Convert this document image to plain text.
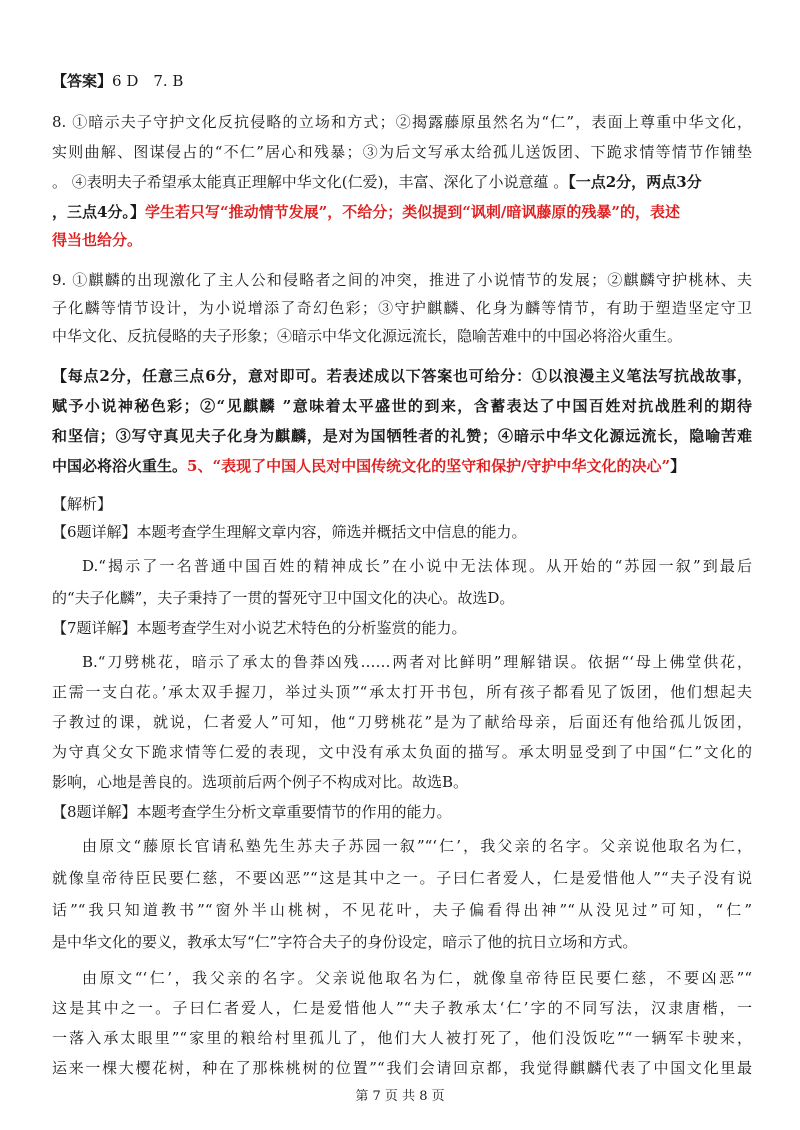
【答案】6 D　7. B
8. ①暗示夫子守护文化反抗侵略的立场和方式；②揭露藤原虽然名为“仁”，表面上尊重中华文化，
实则曲解、图谋侵占的“不仁”居心和残暴；③为后文写承太给孤儿送饭团、下跪求情等情节作铺垫
。 ④表明夫子希望承太能真正理解中华文化(仁爱)，丰富、深化了小说意蕴 。【一点2分，两点3分
，三点4分。】学生若只写“推动情节发展”，不给分；类似提到“讽刺/暗讽藤原的残暴”的，表述
得当也给分。
9. ①麒麟的出现激化了主人公和侵略者之间的冲突，推进了小说情节的发展；②麒麟守护桃林、夫
子化麟等情节设计，为小说增添了奇幻色彩；③守护麒麟、化身为麟等情节，有助于塑造坚定守卫
中华文化、反抗侵略的夫子形象；④暗示中华文化源远流长，隐喻苦难中的中国必将浴火重生。
【每点2分，任意三点6分，意对即可。若表述成以下答案也可给分：①以浪漫主义笔法写抗战故事，
赋予小说神秘色彩；②“见麒麟 ”意味着太平盛世的到来，含蓄表达了中国百姓对抗战胜利的期待
和坚信；③写守真见夫子化身为麒麟，是对为国牺牲者的礼赞；④暗示中华文化源远流长，隐喻苦难
中国必将浴火重生。5、“表现了中国人民对中国传统文化的坚守和保护/守护中华文化的决心”】
【解析】
【6题详解】本题考查学生理解文章内容，筛选并概括文中信息的能力。
D.“揭示了一名普通中国百姓的精神成长”在小说中无法体现。从开始的“苏园一叙”到最后
的“夫子化麟”，夫子秉持了一贯的誓死守卫中国文化的决心。故选D。
【7题详解】本题考查学生对小说艺术特色的分析鉴赏的能力。
B.“刀劈桃花，暗示了承太的鲁莽凶残……两者对比鲜明”理解错误。依据“‘母上佛堂供花，
正需一支白花。’承太双手握刀，举过头顶”“承太打开书包，所有孩子都看见了饭团，他们想起夫
子教过的课，就说，仁者爱人”可知，他“刀劈桃花”是为了献给母亲，后面还有他给孤儿饭团，
为守真父女下跪求情等仁爱的表现，文中没有承太负面的描写。承太明显受到了中国“仁”文化的
影响，心地是善良的。选项前后两个例子不构成对比。故选B。
【8题详解】本题考查学生分析文章重要情节的作用的能力。
由原文“藤原长官请私塾先生苏夫子苏园一叙”“‘仁’，我父亲的名字。父亲说他取名为仁，
就像皇帝待臣民要仁慈，不要凶恶”“这是其中之一。子曰仁者爱人，仁是爱惜他人”“夫子没有说
话”“我只知道教书”“窗外半山桃树，不见花叶，夫子偏看得出神”“从没见过”可知，“仁”
是中华文化的要义，教承太写“仁”字符合夫子的身份设定，暗示了他的抗日立场和方式。
由原文“‘仁’，我父亲的名字。父亲说他取名为仁，就像皇帝待臣民要仁慈，不要凶恶”“
这是其中之一。子曰仁者爱人，仁是爱惜他人”“夫子教承太‘仁’字的不同写法，汉隶唐楷，一
一落入承太眼里”“家里的粮给村里孤儿了，他们大人被打死了，他们没饭吃”“一辆军卡驶来，
运来一棵大樱花树，种在了那株桃树的位置”“我们会请回京都，我觉得麒麟代表了中国文化里最
第 7 页 共 8 页
